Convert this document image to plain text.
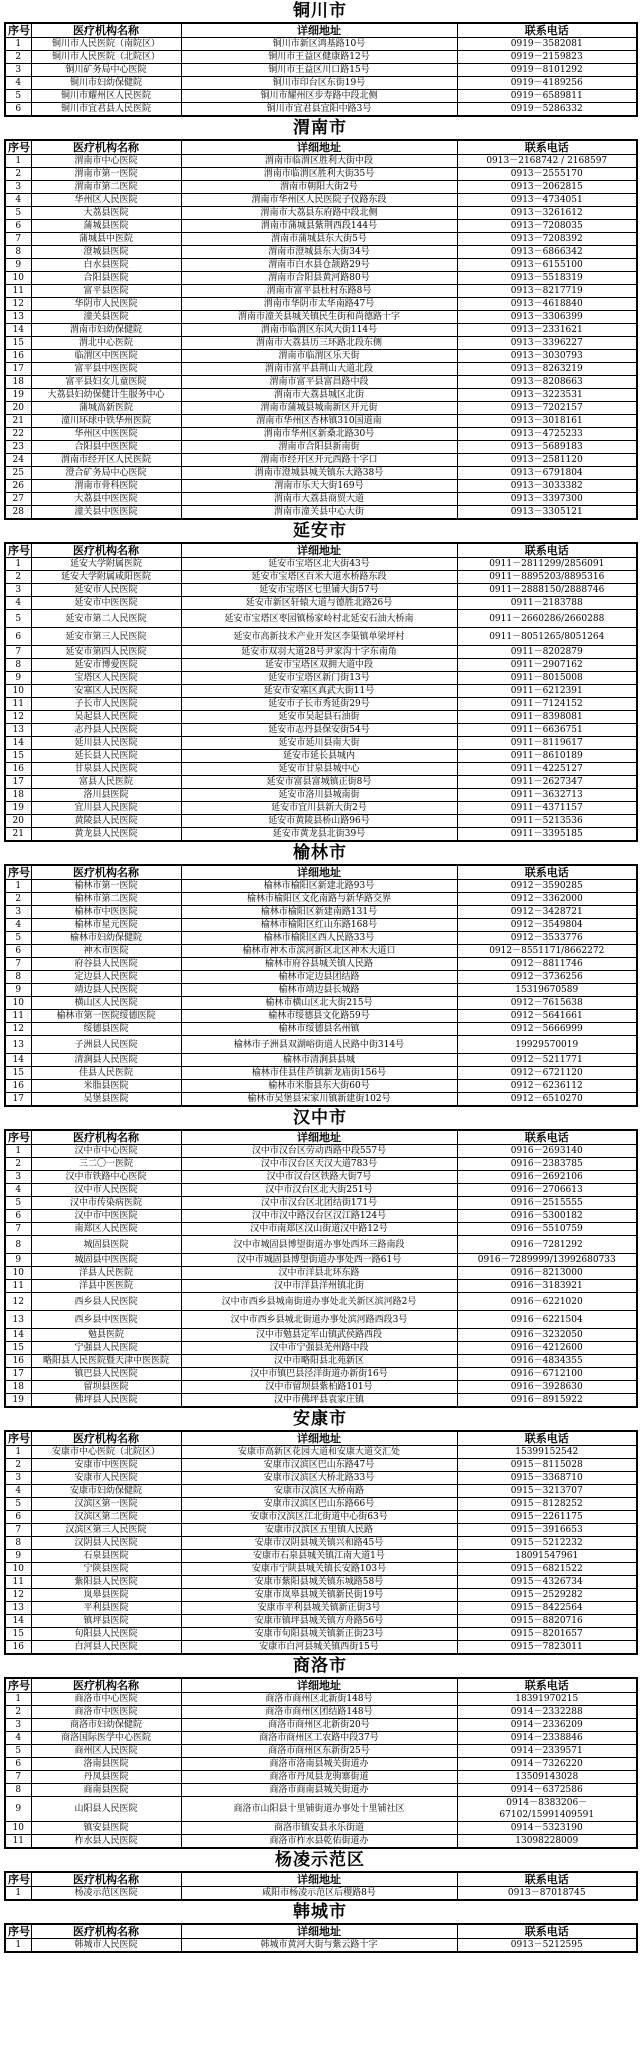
铜川市
序号	医疗机构名称	详细地址	联系电话
1	铜川市人民医院（南院区）	铜川市新区鸿基路10号	0919－3582081
2	铜川市人民医院（北院区）	铜川市王益区健康路12号	0919－2159823
3	铜川矿务局中心医院	铜川市王益区川口路15号	0919－8101292
4	铜川市妇幼保健院	铜川市印台区东街19号	0919－4189256
5	铜川市耀州区人民医院	铜川市耀州区步寿路中段北侧	0919－6589811
6	铜川市宜君县人民医院	铜川市宜君县宜阳中路3号	0919－5286332
渭南市
序号	医疗机构名称	详细地址	联系电话
1	渭南市中心医院	渭南市临渭区胜利大街中段	0913－2168742 / 2168597
2	渭南市第一医院	渭南市临渭区胜利大街35号	0913－2555170
3	渭南市第二医院	渭南市朝阳大街2号	0913－2062815
4	华州区人民医院	渭南市华州区人民医院子仪路东段	0913－4734051
5	大荔县医院	渭南市大荔县东府路中段北侧	0913－3261612
6	蒲城县医院	渭南市蒲城县紫荆西段144号	0913－7208035
7	蒲城县中医院	渭南市蒲城县东大街5号	0913－7208392
8	澄城县医院	渭南市澄城县东大街34号	0913－6866342
9	白水县医院	渭南市白水县仓颉路29号	0913－6155100
10	合阳县医院	渭南市合阳县黄河路80号	0913－5518319
11	富平县医院	渭南市富平县杜村东路8号	0913－8217719
12	华阴市人民医院	渭南市华阴市太华南路47号	0913－4618840
13	潼关县医院	渭南市潼关县城关镇民生街和尚德路十字	0913－3306399
14	渭南市妇幼保健院	渭南市临渭区东风大街114号	0913－2331621
15	渭北中心医院	渭南市大荔县历三环路北段东侧	0913－3396227
16	临渭区中医医院	渭南市临渭区乐天街	0913－3030793
17	富平县中医医院	渭南市富平县荆山大道北段	0913－8263219
18	富平县妇女儿童医院	渭南市富平县富昌路中段	0913－8208663
19	大荔县妇幼保健计生服务中心	渭南市大荔县城区北街	0913－3223531
20	蒲城高新医院	渭南市蒲城县城南新区开元街	0913－7202157
21	潼川环球中铁华州医院	渭南市华州区杏林镇310国道南	0913－3018161
22	华州区中医医院	渭南市华州区新桑北路30号	0913－4725233
23	合阳县中医医院	渭南市合阳县新南街	0913－5689183
24	渭南市经开区人民医院	渭南市经开区开元西路十字口	0913－2581120
25	澄合矿务局中心医院	渭南市澄城县城关镇东大路38号	0913－6791804
26	渭南市骨科医院	渭南市乐天大街169号	0913－3033382
27	大荔县中医医院	渭南市大荔县商贸大道	0913－3397300
28	潼关县中医医院	渭南市潼关县中心大街	0913－3305121
延安市
序号	医疗机构名称	详细地址	联系电话
1	延安大学附属医院	延安市宝塔区北大街43号	0911－2811299/2856091
2	延安大学附属咸阳医院	延安市宝塔区百米大道水桥路东段	0911－8895203/8895316
3	延安市人民医院	延安市宝塔区七里铺大街57号	0911－2888150/2888746
4	延安市中医医院	延安市新区轩辕大道与德胜北路26号	0911－2183788
5	延安市第二人民医院	延安市宝塔区枣园镇杨家岭村北延安石油大桥南	0911－2660286/2660288
6	延安市第三人民医院	延安市高新技术产业开发区李渠镇单梁坪村	0911－8051265/8051264
7	延安市第四人民医院	延安市双羽大道28号尹家沟十字东南角	0911－8202879
8	延安市博爱医院	延安市宝塔区双拥大道中段	0911－2907162
9	宝塔区人民医院	延安市宝塔区新门街13号	0911－8015008
10	安塞区人民医院	延安市安塞区真武大街11号	0911－6212391
11	子长市人民医院	延安市子长市秀延街29号	0911－7124152
12	吴起县人民医院	延安市吴起县石油街	0911－8398081
13	志丹县人民医院	延安市志丹县保安街54号	0911－6636751
14	延川县人民医院	延安市延川县南大街	0911－8119617
15	延长县人民医院	延安市延长县城内	0911－8610189
16	甘泉县人民医院	延安市甘泉县城中心	0911－4225127
17	富县人民医院	延安市富县富城镇正街8号	0911－2627347
18	洛川县医院	延安市洛川县城南街	0911－3632713
19	宜川县人民医院	延安市宜川县新大街2号	0911－4371157
20	黄陵县人民医院	延安市黄陵县桥山路96号	0911－5213536
21	黄龙县人民医院	延安市黄龙县北街39号	0911－3395185
榆林市
序号	医疗机构名称	详细地址	联系电话
1	榆林市第一医院	榆林市榆阳区新建北路93号	0912－3590285
2	榆林市第二医院	榆林市榆阳区文化南路与新华路交界	0912－3362000
3	榆林市中医医院	榆林市榆阳区新建南路131号	0912－3428721
4	榆林市星元医院	榆林市榆阳区红山东路168号	0912－3549804
5	榆林市妇幼保健院	榆林市榆阳区西人民路33号	0912－3533776
6	神木市医院	榆林市神木市滨河新区北区神木大道口	0912－8551171/8662272
7	府谷县人民医院	榆林市府谷县城关镇人民路	0912－8811746
8	定边县人民医院	榆林市定边县团结路	0912－3736256
9	靖边县人民医院	榆林市靖边县长城路	15319670589
10	横山区人民医院	榆林市横山区北大街215号	0912－7615638
11	榆林市第一医院绥德医院	榆林市绥德县文化路59号	0912－5641661
12	绥德县医院	榆林市绥德县名州镇	0912－5666999
13	子洲县人民医院	榆林市子洲县双湖峪街道人民路中街314号	19929570019
14	清涧县人民医院	榆林市清涧县县城	0912－5211771
15	佳县人民医院	榆林市佳县佳芦镇新龙庙街156号	0912－6721120
16	米脂县医院	榆林市米脂县东大街60号	0912－6236112
17	吴堡县医院	榆林市吴堡县宋家川镇新建街102号	0912－6510270
汉中市
序号	医疗机构名称	详细地址	联系电话
1	汉中市中心医院	汉中市汉台区劳动西路中段557号	0916－2693140
2	三二〇一医院	汉中市汉台区天汉大道783号	0916－2383785
3	汉中市铁路中心医院	汉中市汉台区铁路大街7号	0916－2692106
4	汉中市人民医院	汉中市汉台区北大街251号	0916－2706613
5	汉中市传染病医院	汉中市汉台区北团结街171号	0916－2515555
6	汉中市中医医院	汉中市汉中路汉台区汉江路124号	0916－5300182
7	南郑区人民医院	汉中市南郑区汉山街道汉中路12号	0916－5510759
8	城固县医院	汉中市城固县博望街道办事处西环三路南段	0916－7281292
9	城固县中医医院	汉中市城固县博望街道办事处西一路61号	0916－7289999/13992680733
10	洋县人民医院	汉中市洋县北环东路	0916－8213000
11	洋县中医医院	汉中市洋县洋州镇北街	0916－3183921
12	西乡县人民医院	汉中市西乡县城南街道办事处北关新区滨河路2号	0916－6221020
13	西乡县中医医院	汉中市西乡县城北街道办事处滨河路西段3号	0916－6221504
14	勉县医院	汉中市勉县定军山镇武侯路西段	0916－3232050
15	宁强县人民医院	汉中市宁强县羌州路中段	0916－4212600
16	略阳县人民医院暨天津中医医院	汉中市略阳县北苑新区	0916－4834355
17	镇巴县人民医院	汉中市镇巴县泾洋街道办新街16号	0916－6712100
18	留坝县医院	汉中市留坝县紫柏路101号	0916－3928630
19	佛坪县人民医院	汉中市佛坪县袁家庄镇	0916－8915922
安康市
序号	医疗机构名称	详细地址	联系电话
1	安康市中心医院（北院区）	安康市高新区花园大道和安康大道交汇处	15399152542
2	安康市中医医院	安康市汉滨区巴山东路47号	0915－8115028
3	安康市人民医院	安康市汉滨区大桥北路33号	0915－3368710
4	安康市妇幼保健院	安康市汉滨区大桥南路	0915－3213707
5	汉滨区第一医院	安康市汉滨区巴山东路66号	0915－8128252
6	汉滨区第二医院	安康市汉滨区江北街道中心街63号	0915－2261175
7	汉滨区第三人民医院	安康市汉滨区五里镇人民路	0915－3916653
8	汉阴县人民医院	安康市汉阴县城关镇兴和路45号	0915－5212232
9	石泉县医院	安康市石泉县城关镇江南大道1号	18091547961
10	宁陕县医院	安康市宁陕县城关镇长安路103号	0915－6821522
11	紫阳县人民医院	安康市紫阳县城关镇东城路58号	0915－4326734
12	岚皋县医院	安康市岚皋县城关镇新民街19号	0915－2529282
13	平利县医院	安康市平利县城关镇新正街3号	0915－8422564
14	镇坪县医院	安康市镇坪县城关镇方舟路56号	0915－8820716
15	旬阳县人民医院	安康市旬阳县城关镇新正街23号	0915－8201657
16	白河县人民医院	安康市白河县城关镇西街15号	0915－7823011
商洛市
序号	医疗机构名称	详细地址	联系电话
1	商洛市中心医院	商洛市商州区北新街148号	18391970215
2	商洛市中医医院	商洛市商州区团结路148号	0914－2332288
3	商洛市妇幼保健院	商洛市商州区北新街20号	0914－2336209
4	商洛国际医学中心医院	商洛市商州区工农路中段37号	0914－2338846
5	商州区人民医院	商洛市商州区东新街25号	0914－2339571
6	洛南县医院	商洛市洛南县城关街道办	0914－7326220
7	丹凤县医院	商洛市丹凤县龙驹寨街道	13509143028
8	商南县医院	商洛市商南县城关街道办	0914－6372586
9	山阳县人民医院	商洛市山阳县十里铺街道办事处十里铺社区	0914－8383206－67102/15991409591
10	镇安县医院	商洛市镇安县永乐街道	0914－5323190
11	柞水县人民医院	商洛市柞水县乾佑街道办	13098228009
杨凌示范区
序号	医疗机构名称	详细地址	联系电话
1	杨凌示范区医院	咸阳市杨凌示范区后稷路8号	0913－87018745
韩城市
序号	医疗机构名称	详细地址	联系电话
1	韩城市人民医院	韩城市黄河大街与紫云路十字	0913－5212595
